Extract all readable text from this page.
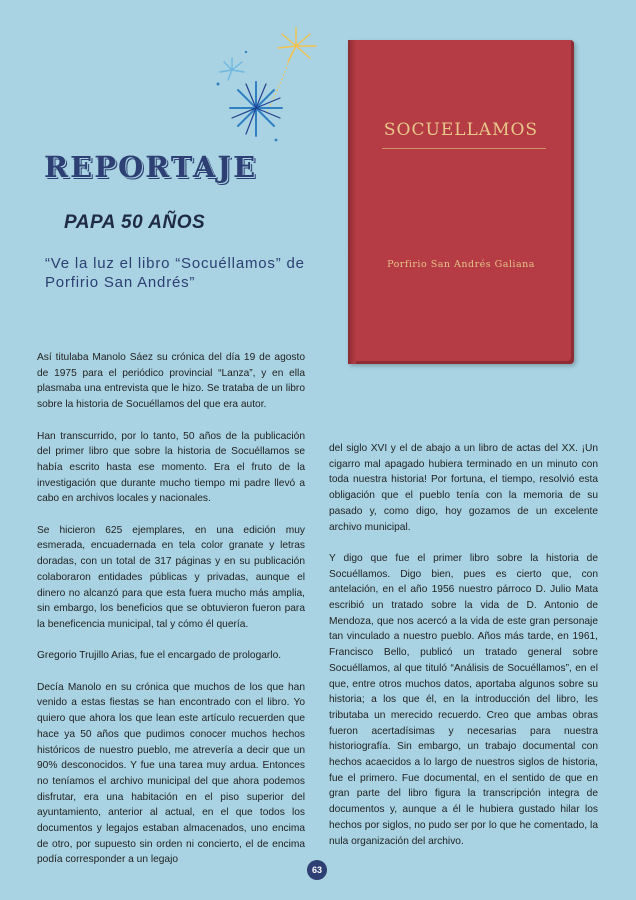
REPORTAJE
PAPA 50 AÑOS
“Ve la luz el libro “Socuéllamos” de Porfirio San Andrés”
SOCUELLAMOS
Porfirio San Andrés Galiana

Así titulaba Manolo Sáez su crónica del día 19 de agosto de 1975 para el periódico provincial “Lanza”, y en ella plasmaba una entrevista que le hizo. Se trataba de un libro sobre la historia de Socuéllamos del que era autor.

Han transcurrido, por lo tanto, 50 años de la publicación del primer libro que sobre la historia de Socuéllamos se había escrito hasta ese momento. Era el fruto de la investigación que durante mucho tiempo mi padre llevó a cabo en archivos locales y nacionales.

Se hicieron 625 ejemplares, en una edición muy esmerada, encuadernada en tela color granate y letras doradas, con un total de 317 páginas y en su publicación colaboraron entidades públicas y privadas, aunque el dinero no alcanzó para que esta fuera mucho más amplia, sin embargo, los beneficios que se obtuvieron fueron para la beneficencia municipal, tal y cómo él quería.

Gregorio Trujillo Arias, fue el encargado de prologarlo.

Decía Manolo en su crónica que muchos de los que han venido a estas fiestas se han encontrado con el libro. Yo quiero que ahora los que lean este artículo recuerden que hace ya 50 años que pudimos conocer muchos hechos históricos de nuestro pueblo, me atrevería a decir que un 90% desconocidos. Y fue una tarea muy ardua. Entonces no teníamos el archivo municipal del que ahora podemos disfrutar, era una habitación en el piso superior del ayuntamiento, anterior al actual, en el que todos los documentos y legajos estaban almacenados, uno encima de otro, por supuesto sin orden ni concierto, el de encima podía corresponder a un legajo

del siglo XVI y el de abajo a un libro de actas del XX. ¡Un cigarro mal apagado hubiera terminado en un minuto con toda nuestra historia! Por fortuna, el tiempo, resolvió esta obligación que el pueblo tenía con la memoria de su pasado y, como digo, hoy gozamos de un excelente archivo municipal.

Y digo que fue el primer libro sobre la historia de Socuéllamos. Digo bien, pues es cierto que, con antelación, en el año 1956 nuestro párroco D. Julio Mata escribió un tratado sobre la vida de D. Antonio de Mendoza, que nos acercó a la vida de este gran personaje tan vinculado a nuestro pueblo. Años más tarde, en 1961, Francisco Bello, publicó un tratado general sobre Socuéllamos, al que tituló “Análisis de Socuéllamos”, en el que, entre otros muchos datos, aportaba algunos sobre su historia; a los que él, en la introducción del libro, les tributaba un merecido recuerdo. Creo que ambas obras fueron acertadísimas y necesarias para nuestra historiografía. Sin embargo, un trabajo documental con hechos acaecidos a lo largo de nuestros siglos de historia, fue el primero. Fue documental, en el sentido de que en gran parte del libro figura la transcripción integra de documentos y, aunque a él le hubiera gustado hilar los hechos por siglos, no pudo ser por lo que he comentado, la nula organización del archivo.

63
